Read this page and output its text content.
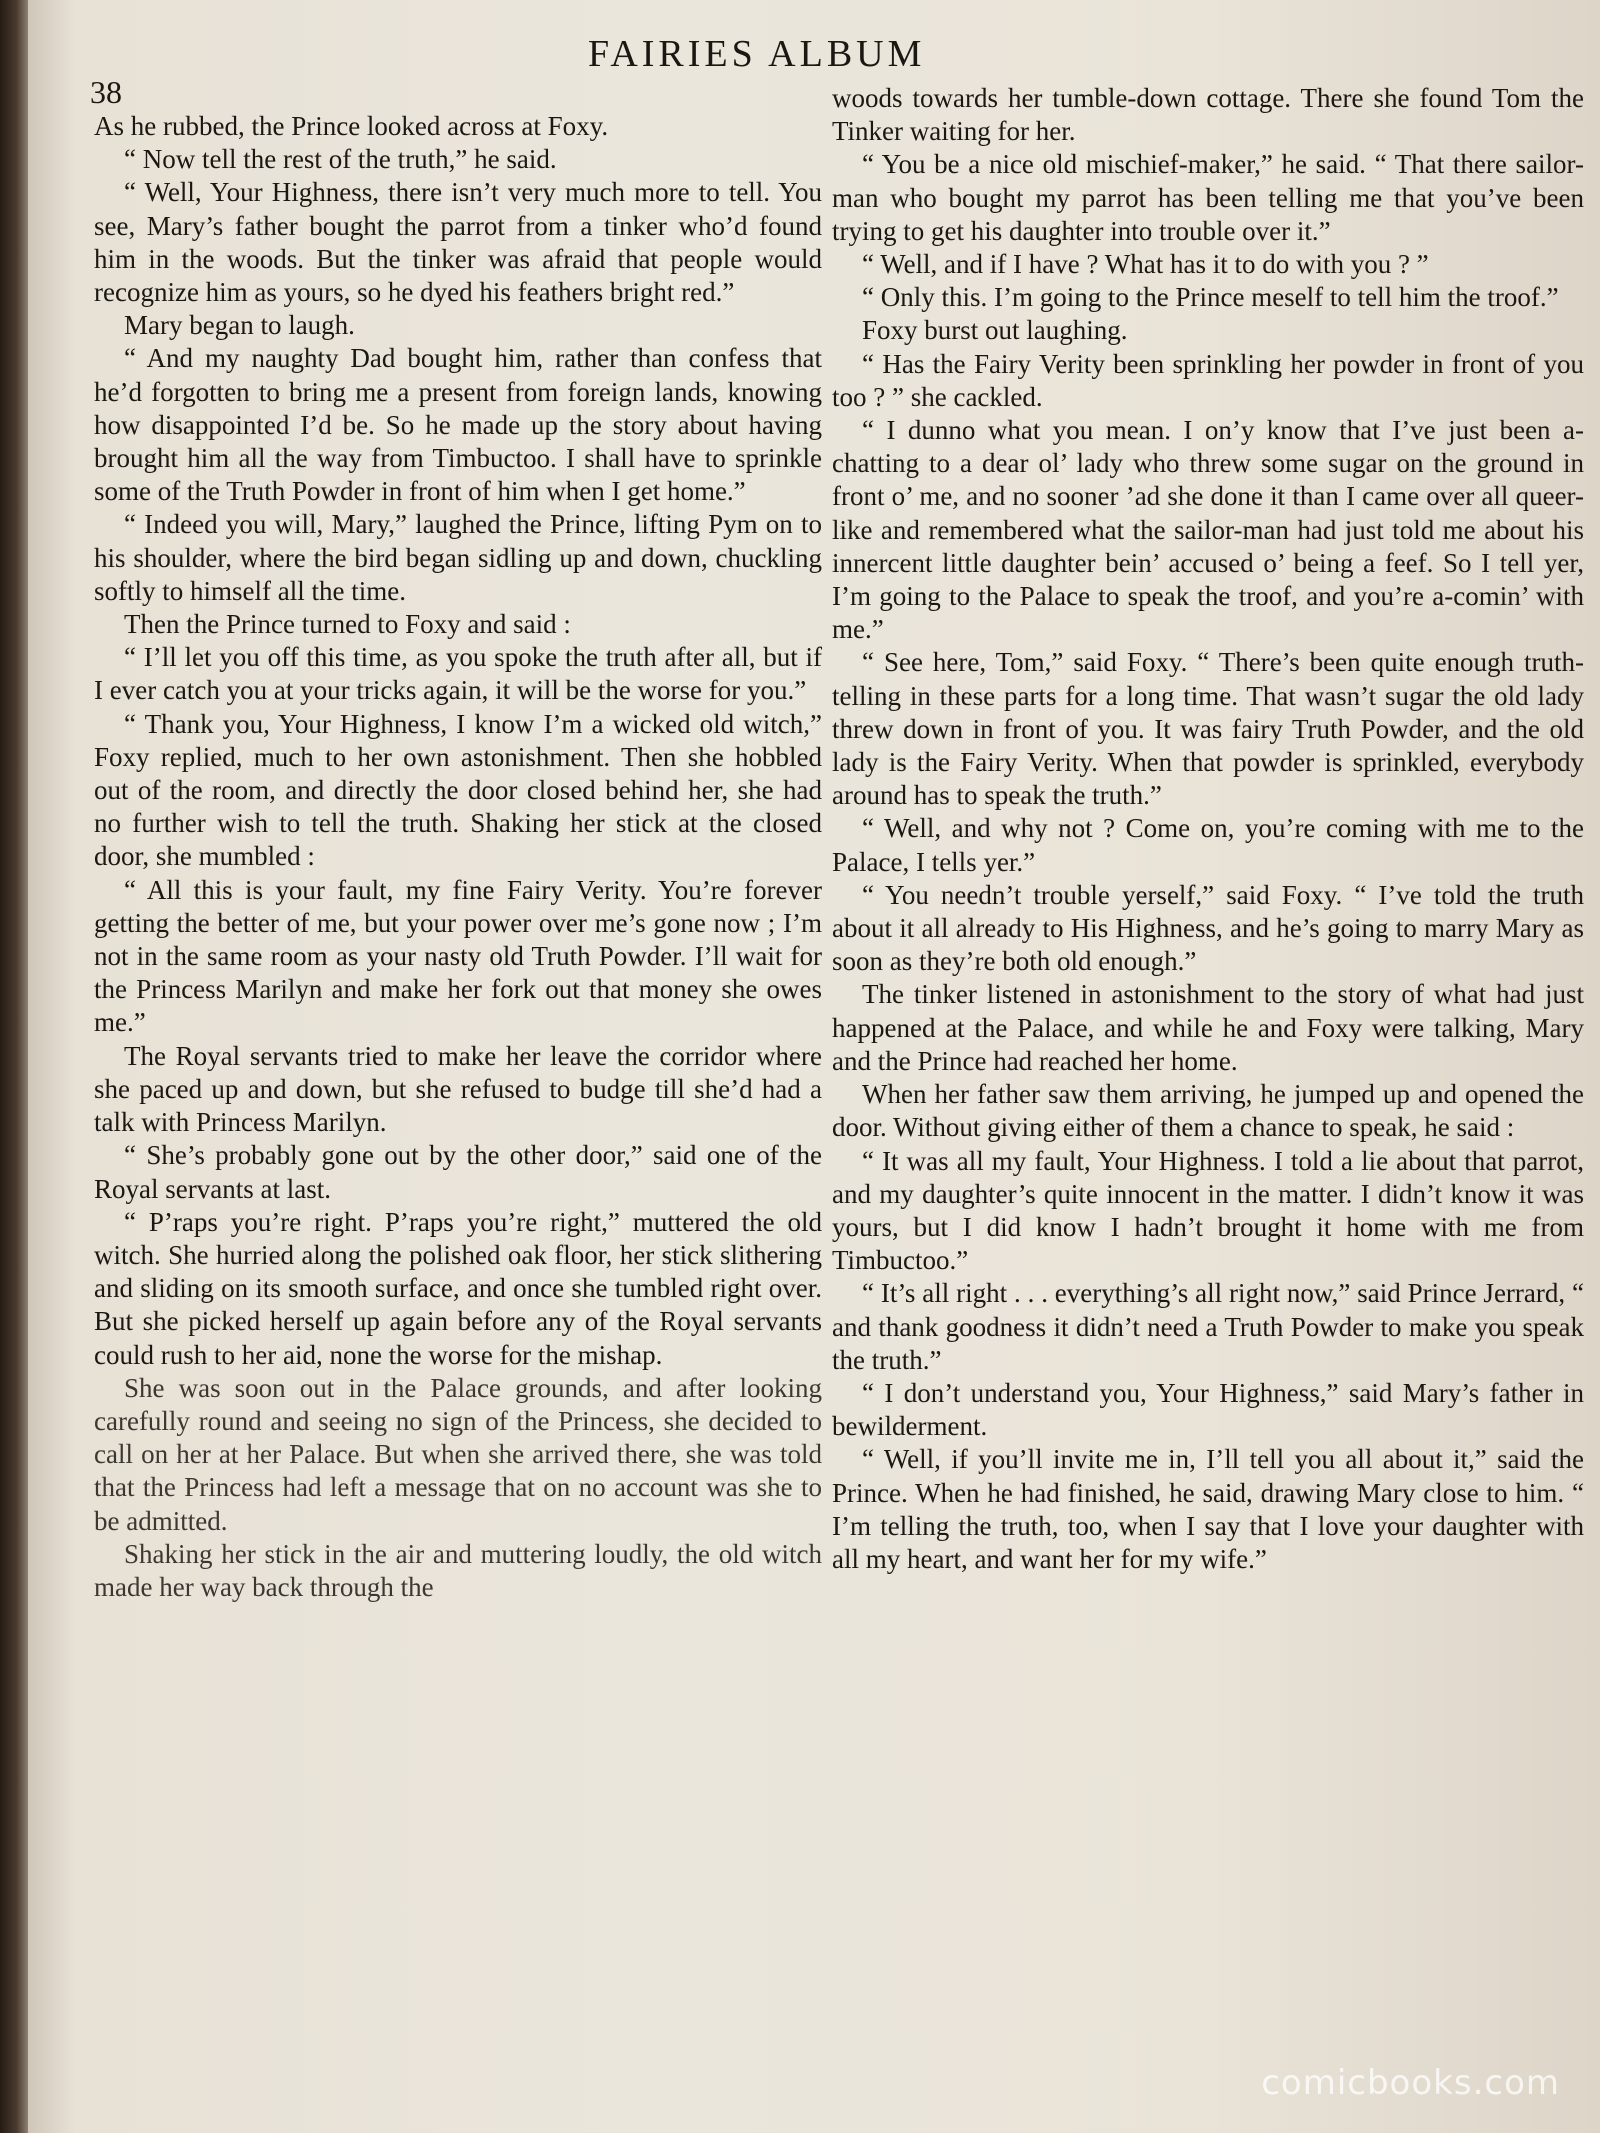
38
FAIRIES ALBUM

As he rubbed, the Prince looked across at Foxy.

“ Now tell the rest of the truth,” he said.

“ Well, Your Highness, there isn’t very much more to tell. You see, Mary’s father bought the parrot from a tinker who’d found him in the woods. But the tinker was afraid that people would recognize him as yours, so he dyed his feathers bright red.”

Mary began to laugh.

“ And my naughty Dad bought him, rather than confess that he’d forgotten to bring me a present from foreign lands, knowing how disappointed I’d be. So he made up the story about having brought him all the way from Timbuctoo. I shall have to sprinkle some of the Truth Powder in front of him when I get home.”

“ Indeed you will, Mary,” laughed the Prince, lifting Pym on to his shoulder, where the bird began sidling up and down, chuckling softly to himself all the time.

Then the Prince turned to Foxy and said :

“ I’ll let you off this time, as you spoke the truth after all, but if I ever catch you at your tricks again, it will be the worse for you.”

“ Thank you, Your Highness, I know I’m a wicked old witch,” Foxy replied, much to her own astonishment. Then she hobbled out of the room, and directly the door closed behind her, she had no further wish to tell the truth. Shaking her stick at the closed door, she mumbled :

“ All this is your fault, my fine Fairy Verity. You’re forever getting the better of me, but your power over me’s gone now ; I’m not in the same room as your nasty old Truth Powder. I’ll wait for the Princess Marilyn and make her fork out that money she owes me.”

The Royal servants tried to make her leave the corridor where she paced up and down, but she refused to budge till she’d had a talk with Princess Marilyn.

“ She’s probably gone out by the other door,” said one of the Royal servants at last.

“ P’raps you’re right. P’raps you’re right,” muttered the old witch. She hurried along the polished oak floor, her stick slithering and sliding on its smooth surface, and once she tumbled right over. But she picked herself up again before any of the Royal servants could rush to her aid, none the worse for the mishap.

She was soon out in the Palace grounds, and after looking carefully round and seeing no sign of the Princess, she decided to call on her at her Palace. But when she arrived there, she was told that the Princess had left a message that on no account was she to be admitted.

Shaking her stick in the air and muttering loudly, the old witch made her way back through the

woods towards her tumble-down cottage. There she found Tom the Tinker waiting for her.

“ You be a nice old mischief-maker,” he said. “ That there sailor-man who bought my parrot has been telling me that you’ve been trying to get his daughter into trouble over it.”

“ Well, and if I have ? What has it to do with you ? ”

“ Only this. I’m going to the Prince meself to tell him the troof.”

Foxy burst out laughing.

“ Has the Fairy Verity been sprinkling her powder in front of you too ? ” she cackled.

“ I dunno what you mean. I on’y know that I’ve just been a-chatting to a dear ol’ lady who threw some sugar on the ground in front o’ me, and no sooner ’ad she done it than I came over all queer-like and remembered what the sailor-man had just told me about his innercent little daughter bein’ accused o’ being a feef. So I tell yer, I’m going to the Palace to speak the troof, and you’re a-comin’ with me.”

“ See here, Tom,” said Foxy. “ There’s been quite enough truth-telling in these parts for a long time. That wasn’t sugar the old lady threw down in front of you. It was fairy Truth Powder, and the old lady is the Fairy Verity. When that powder is sprinkled, everybody around has to speak the truth.”

“ Well, and why not ? Come on, you’re coming with me to the Palace, I tells yer.”

“ You needn’t trouble yerself,” said Foxy. “ I’ve told the truth about it all already to His Highness, and he’s going to marry Mary as soon as they’re both old enough.”

The tinker listened in astonishment to the story of what had just happened at the Palace, and while he and Foxy were talking, Mary and the Prince had reached her home.

When her father saw them arriving, he jumped up and opened the door. Without giving either of them a chance to speak, he said :

“ It was all my fault, Your Highness. I told a lie about that parrot, and my daughter’s quite innocent in the matter. I didn’t know it was yours, but I did know I hadn’t brought it home with me from Timbuctoo.”

“ It’s all right . . . everything’s all right now,” said Prince Jerrard, “ and thank goodness it didn’t need a Truth Powder to make you speak the truth.”

“ I don’t understand you, Your Highness,” said Mary’s father in bewilderment.

“ Well, if you’ll invite me in, I’ll tell you all about it,” said the Prince. When he had finished, he said, drawing Mary close to him. “ I’m telling the truth, too, when I say that I love your daughter with all my heart, and want her for my wife.”

comicbooks.com
